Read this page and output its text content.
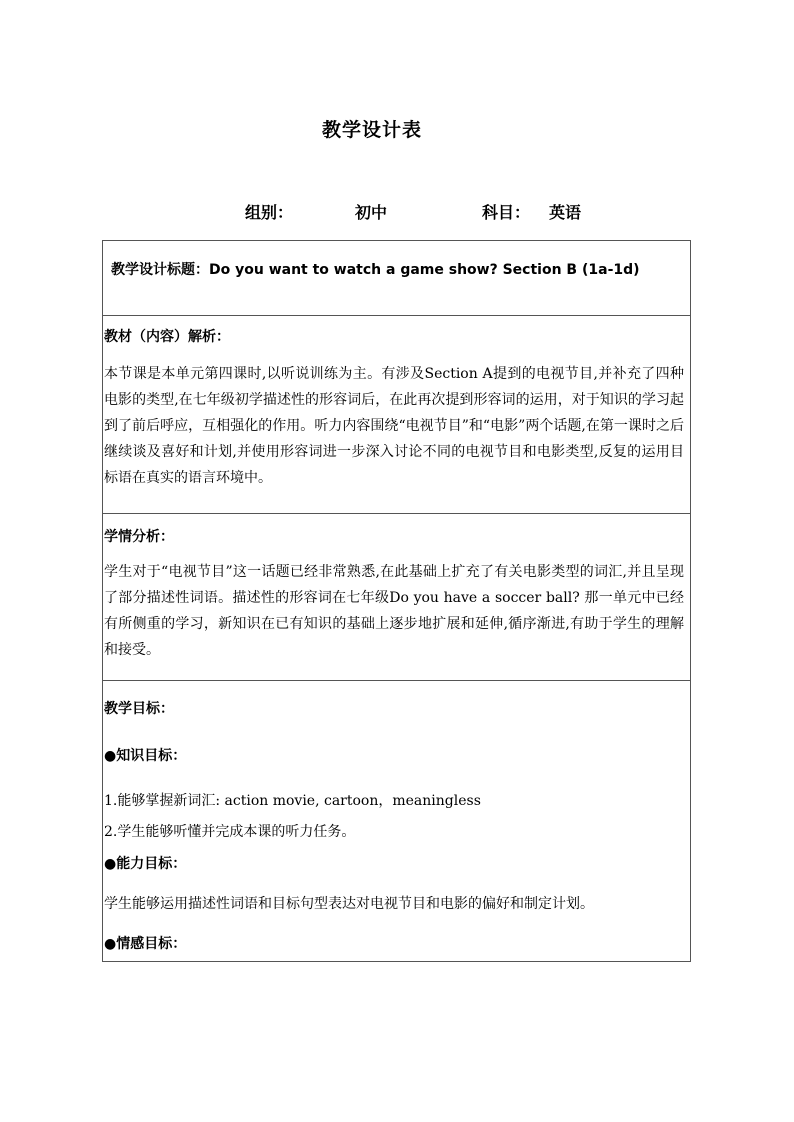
教学设计表
组别：	初中	科目： 英语
教学设计标题：Do you want to watch a game show? Section B (1a-1d)
教材（内容）解析：
本节课是本单元第四课时,以听说训练为主。有涉及Section A提到的电视节目,并补充了四种电影的类型,在七年级初学描述性的形容词后，在此再次提到形容词的运用，对于知识的学习起到了前后呼应，互相强化的作用。听力内容围绕“电视节目”和“电影”两个话题,在第一课时之后继续谈及喜好和计划,并使用形容词进一步深入讨论不同的电视节目和电影类型,反复的运用目标语在真实的语言环境中。
学情分析：
学生对于“电视节目”这一话题已经非常熟悉,在此基础上扩充了有关电影类型的词汇,并且呈现了部分描述性词语。描述性的形容词在七年级Do you have a soccer ball? 那一单元中已经有所侧重的学习，新知识在已有知识的基础上逐步地扩展和延伸,循序渐进,有助于学生的理解和接受。
教学目标：
●知识目标：
1.能够掌握新词汇: action movie, cartoon，meaningless
2.学生能够听懂并完成本课的听力任务。
●能力目标：
学生能够运用描述性词语和目标句型表达对电视节目和电影的偏好和制定计划。
●情感目标：
